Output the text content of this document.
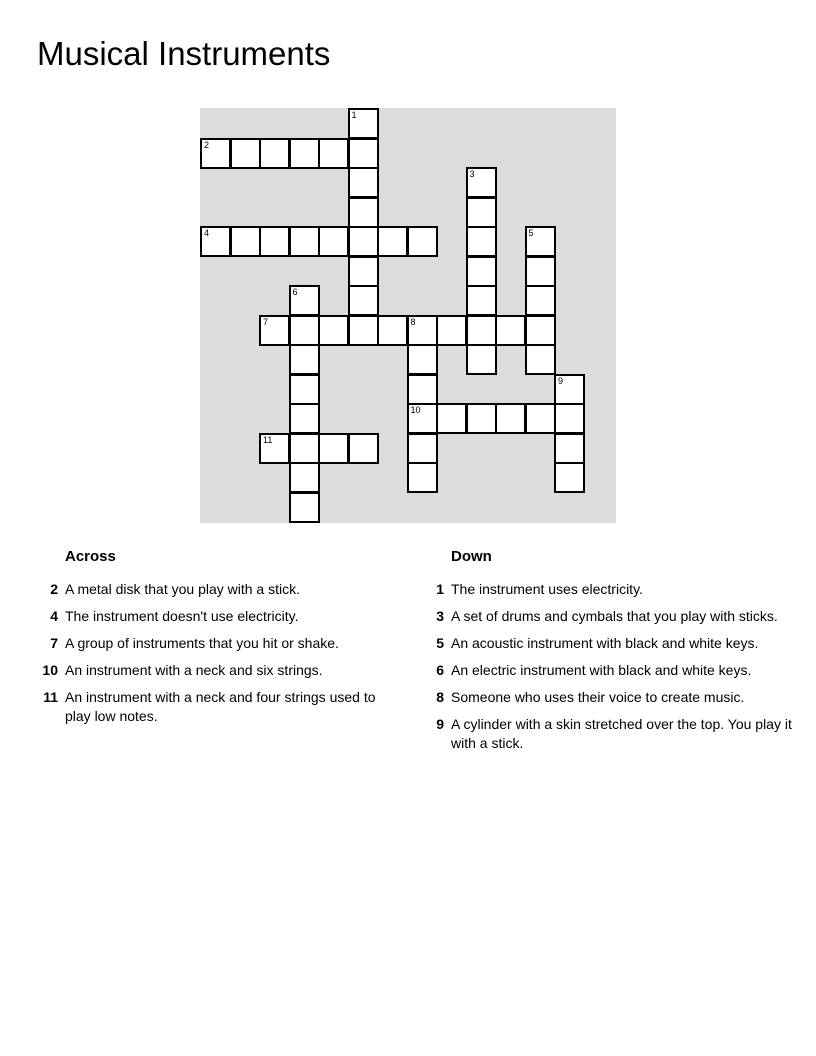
Musical Instruments
1
2
3
4	5
6
7	8
9
10
11
Across
2 A metal disk that you play with a stick.
4 The instrument doesn't use electricity.
7 A group of instruments that you hit or shake.
10 An instrument with a neck and six strings.
11 An instrument with a neck and four strings used to play low notes.
Down
1 The instrument uses electricity.
3 A set of drums and cymbals that you play with sticks.
5 An acoustic instrument with black and white keys.
6 An electric instrument with black and white keys.
8 Someone who uses their voice to create music.
9 A cylinder with a skin stretched over the top. You play it with a stick.
